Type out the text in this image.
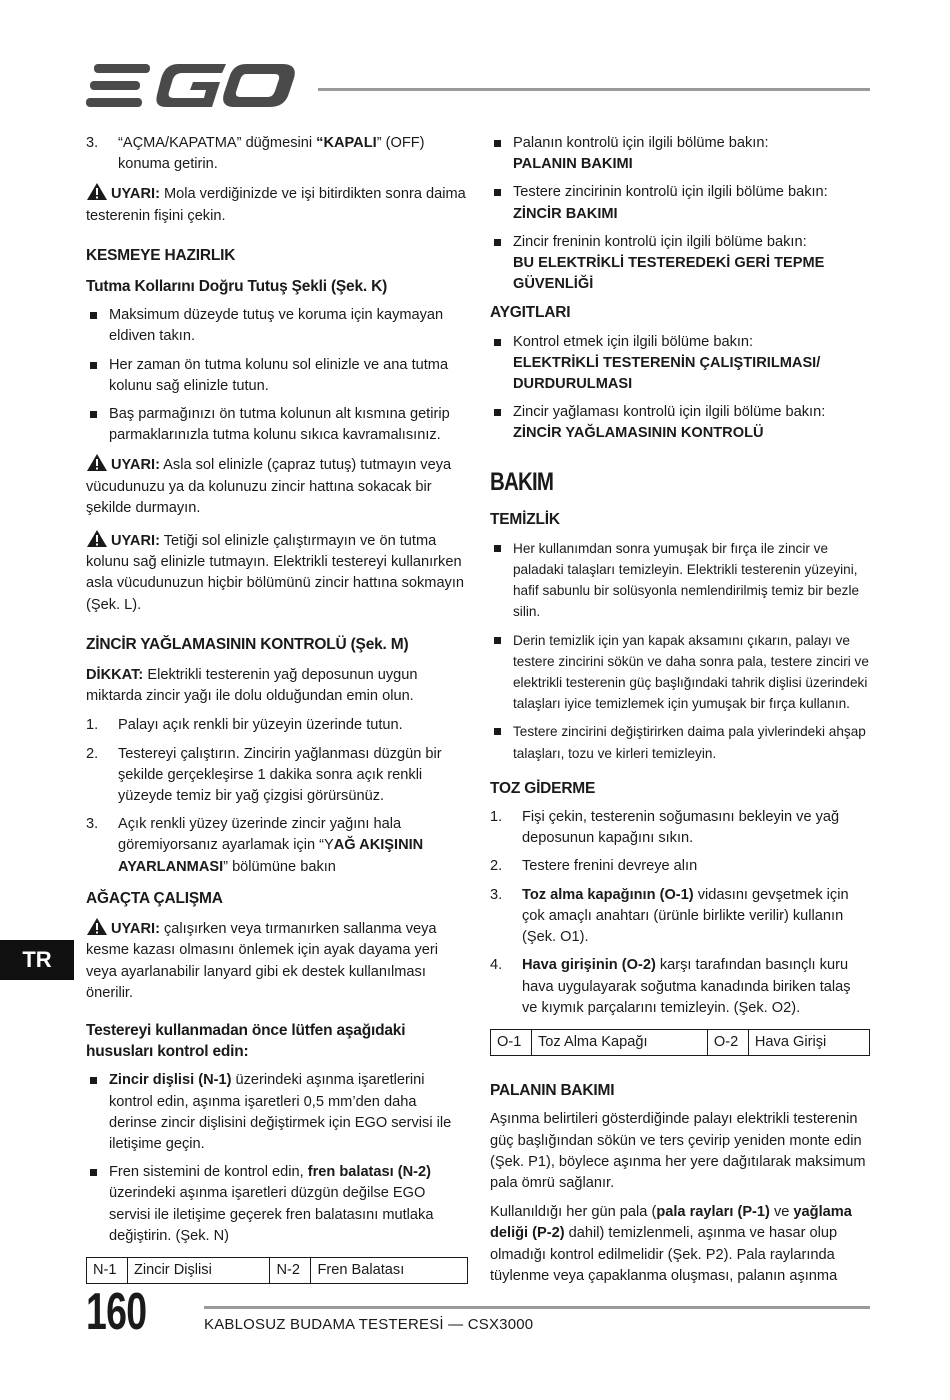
3.	“AÇMA/KAPATMA” düğmesini “KAPALI” (OFF) konuma getirin.

UYARI: Mola verdiğinizde ve işi bitirdikten sonra daima testerenin fişini çekin.

KESMEYE HAZIRLIK
Tutma Kollarını Doğru Tutuş Şekli (Şek. K)
Maksimum düzeyde tutuş ve koruma için kaymayan eldiven takın.
Her zaman ön tutma kolunu sol elinizle ve ana tutma kolunu sağ elinizle tutun.
Baş parmağınızı ön tutma kolunun alt kısmına getirip parmaklarınızla tutma kolunu sıkıca kavramalısınız.

UYARI: Asla sol elinizle (çapraz tutuş) tutmayın veya vücudunuzu ya da kolunuzu zincir hattına sokacak bir şekilde durmayın.

UYARI: Tetiği sol elinizle çalıştırmayın ve ön tutma kolunu sağ elinizle tutmayın. Elektrikli testereyi kullanırken asla vücudunuzun hiçbir bölümünü zincir hattına sokmayın (Şek. L).

ZİNCİR YAĞLAMASININ KONTROLÜ (Şek. M)

DİKKAT: Elektrikli testerenin yağ deposunun uygun miktarda zincir yağı ile dolu olduğundan emin olun.

1.	Palayı açık renkli bir yüzeyin üzerinde tutun.
2.	Testereyi çalıştırın. Zincirin yağlanması düzgün bir şekilde gerçekleşirse 1 dakika sonra açık renkli yüzeyde temiz bir yağ çizgisi görürsünüz.
3.	Açık renkli yüzey üzerinde zincir yağını hala göremiyorsanız ayarlamak için “YAĞ AKIŞININ AYARLANMASI” bölümüne bakın
AĞAÇTA ÇALIŞMA

UYARI: çalışırken veya tırmanırken sallanma veya kesme kazası olmasını önlemek için ayak dayama yeri veya ayarlanabilir lanyard gibi ek destek kullanılması önerilir.

Testereyi kullanmadan önce lütfen aşağıdaki hususları kontrol edin:
Zincir dişlisi (N-1) üzerindeki aşınma işaretlerini kontrol edin, aşınma işaretleri 0,5 mm’den daha derinse zincir dişlisini değiştirmek için EGO servisi ile iletişime geçin.
Fren sistemini de kontrol edin, fren balatası (N-2) üzerindeki aşınma işaretleri düzgün değilse EGO servisi ile iletişime geçerek fren balatasını mutlaka değiştirin. (Şek. N)
N-1	Zincir Dişlisi	N-2	Fren Balatası
Palanın kontrolü için ilgili bölüme bakın:
PALANIN BAKIMI
Testere zincirinin kontrolü için ilgili bölüme bakın:
ZİNCİR BAKIMI
Zincir freninin kontrolü için ilgili bölüme bakın:
BU ELEKTRİKLİ TESTEREDEKİ GERİ TEPME GÜVENLİĞİ
AYGITLARI
Kontrol etmek için ilgili bölüme bakın:
ELEKTRİKLİ TESTERENİN ÇALIŞTIRILMASI/ DURDURULMASI
Zincir yağlaması kontrolü için ilgili bölüme bakın:
ZİNCİR YAĞLAMASININ KONTROLÜ
BAKIM
TEMİZLİK
Her kullanımdan sonra yumuşak bir fırça ile zincir ve paladaki talaşları temizleyin. Elektrikli testerenin yüzeyini, hafif sabunlu bir solüsyonla nemlendirilmiş temiz bir bezle silin.
Derin temizlik için yan kapak aksamını çıkarın, palayı ve testere zincirini sökün ve daha sonra pala, testere zinciri ve elektrikli testerenin güç başlığındaki tahrik dişlisi üzerindeki talaşları iyice temizlemek için yumuşak bir fırça kullanın.
Testere zincirini değiştirirken daima pala yivlerindeki ahşap talaşları, tozu ve kirleri temizleyin.
TOZ GİDERME
1.	Fişi çekin, testerenin soğumasını bekleyin ve yağ deposunun kapağını sıkın.
2.	Testere frenini devreye alın
3.	Toz alma kapağının (O-1) vidasını gevşetmek için çok amaçlı anahtarı (ürünle birlikte verilir) kullanın (Şek. O1).
4.	Hava girişinin (O-2) karşı tarafından basınçlı kuru hava uygulayarak soğutma kanadında biriken talaş ve kıymık parçalarını temizleyin. (Şek. O2).
O-1	Toz Alma Kapağı	O-2	Hava Girişi
PALANIN BAKIMI

Aşınma belirtileri gösterdiğinde palayı elektrikli testerenin güç başlığından sökün ve ters çevirip yeniden monte edin (Şek. P1), böylece aşınma her yere dağıtılarak maksimum pala ömrü sağlanır.

Kullanıldığı her gün pala (pala rayları (P-1) ve yağlama deliği (P-2) dahil) temizlenmeli, aşınma ve hasar olup olmadığı kontrol edilmelidir (Şek. P2). Pala raylarında tüylenme veya çapaklanma oluşması, palanın aşınma

TR
160	KABLOSUZ BUDAMA TESTERESİ — CSX3000
